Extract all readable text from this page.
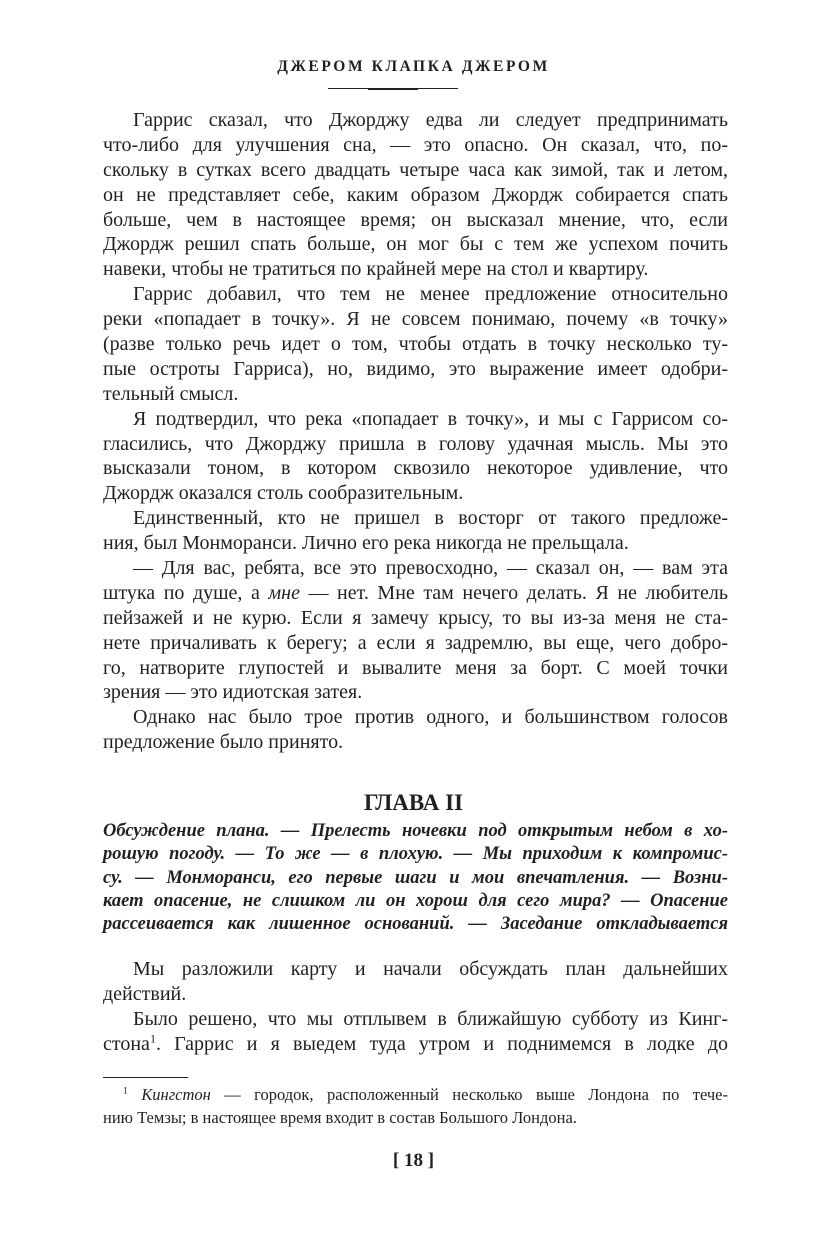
ДЖЕРОМ КЛАПКА ДЖЕРОМ
Гаррис сказал, что Джорджу едва ли следует предпринимать
что-либо для улучшения сна, — это опасно. Он сказал, что, по-
скольку в сутках всего двадцать четыре часа как зимой, так и летом,
он не представляет себе, каким образом Джордж собирается спать
больше, чем в настоящее время; он высказал мнение, что, если
Джордж решил спать больше, он мог бы с тем же успехом почить
навеки, чтобы не тратиться по крайней мере на стол и квартиру.
Гаррис добавил, что тем не менее предложение относительно
реки «попадает в точку». Я не совсем понимаю, почему «в точку»
(разве только речь идет о том, чтобы отдать в точку несколько ту-
пые остроты Гарриса), но, видимо, это выражение имеет одобри-
тельный смысл.
Я подтвердил, что река «попадает в точку», и мы с Гаррисом со-
гласились, что Джорджу пришла в голову удачная мысль. Мы это
высказали тоном, в котором сквозило некоторое удивление, что
Джордж оказался столь сообразительным.
Единственный, кто не пришел в восторг от такого предложе-
ния, был Монморанси. Лично его река никогда не прельщала.
— Для вас, ребята, все это превосходно, — сказал он, — вам эта
штука по душе, а мне — нет. Мне там нечего делать. Я не любитель
пейзажей и не курю. Если я замечу крысу, то вы из-за меня не ста-
нете причаливать к берегу; а если я задремлю, вы еще, чего добро-
го, натворите глупостей и вывалите меня за борт. С моей точки
зрения — это идиотская затея.
Однако нас было трое против одного, и большинством голосов
предложение было принято.
ГЛАВА II
Обсуждение плана. — Прелесть ночевки под открытым небом в хо-
рошую погоду. — То же — в плохую. — Мы приходим к компромис-
су. — Монморанси, его первые шаги и мои впечатления. — Возни-
кает опасение, не слишком ли он хорош для сего мира? — Опасение
рассеивается как лишенное оснований. — Заседание откладывается
Мы разложили карту и начали обсуждать план дальнейших
действий.
Было решено, что мы отплывем в ближайшую субботу из Кинг-
стона$^1$. Гаррис и я выедем туда утром и поднимемся в лодке до
$^1$ Кингстон — городок, расположенный несколько выше Лондона по тече-
нию Темзы; в настоящее время входит в состав Большого Лондона.
[ 18 ]
